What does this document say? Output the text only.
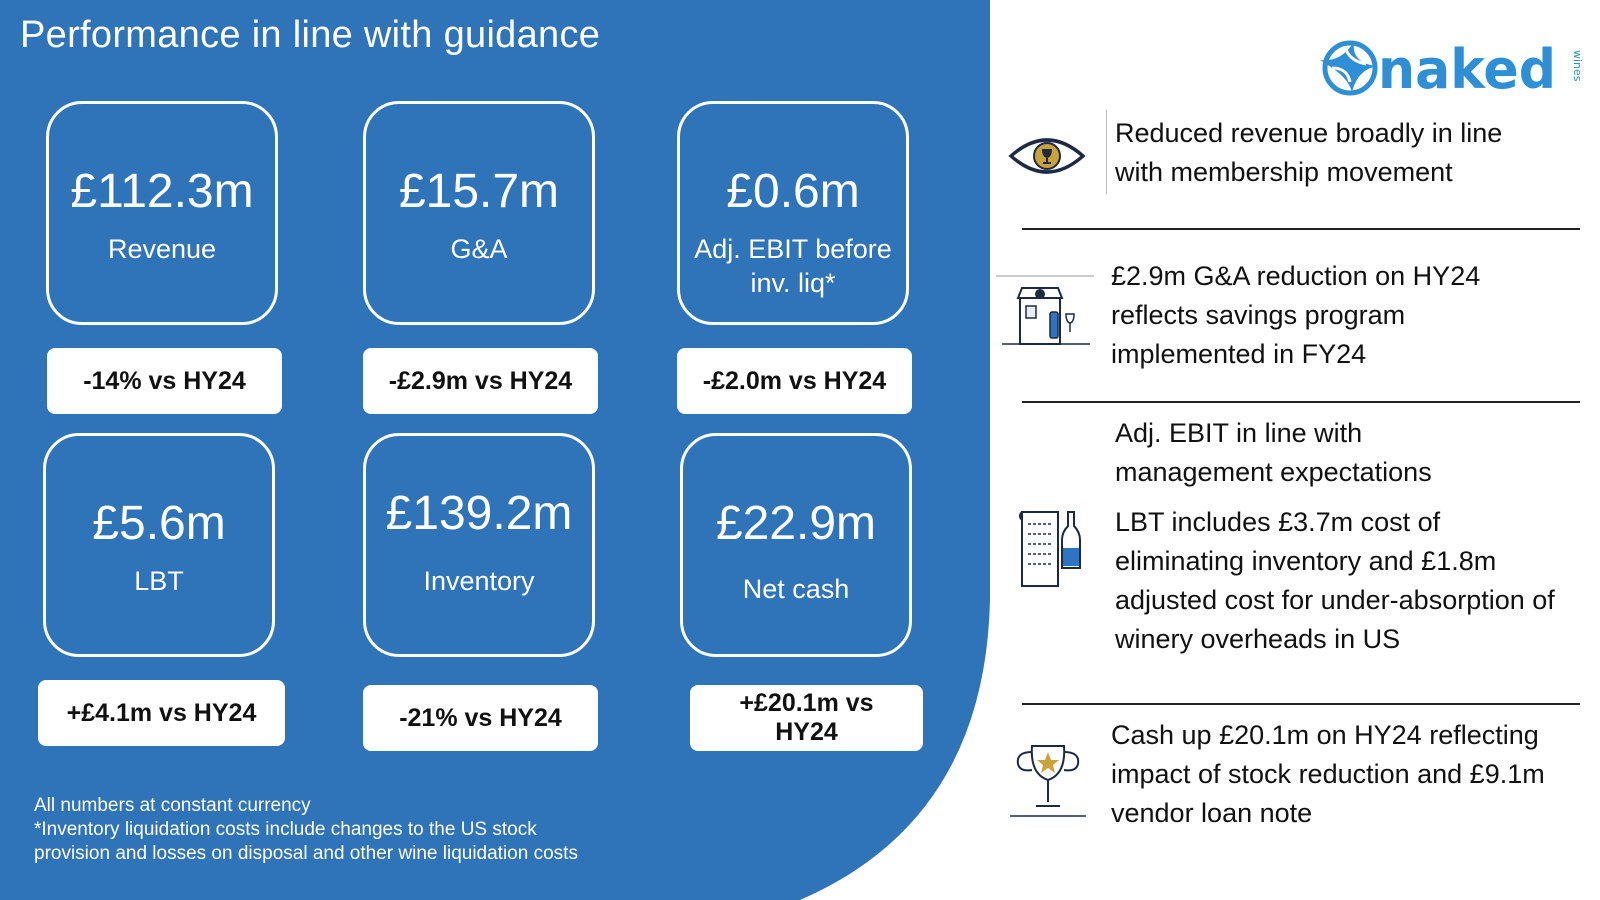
Performance in line with guidance
£112.3m
Revenue
£15.7m
G&A
£0.6m
Adj. EBIT before inv. liq*
-14% vs HY24	-£2.9m vs HY24	-£2.0m vs HY24
£5.6m
LBT
£139.2m
Inventory
£22.9m
Net cash
+£4.1m vs HY24	-21% vs HY24
+£20.1m vs HY24
All numbers at constant currency
*Inventory liquidation costs include changes to the US stock
provision and losses on disposal and other wine liquidation costs
naked wines
Reduced revenue broadly in line with membership movement
£2.9m G&A reduction on HY24 reflects savings program implemented in FY24
Adj. EBIT in line with management expectations
LBT includes £3.7m cost of eliminating inventory and £1.8m adjusted cost for under-absorption of winery overheads in US
Cash up £20.1m on HY24 reflecting impact of stock reduction and £9.1m vendor loan note
